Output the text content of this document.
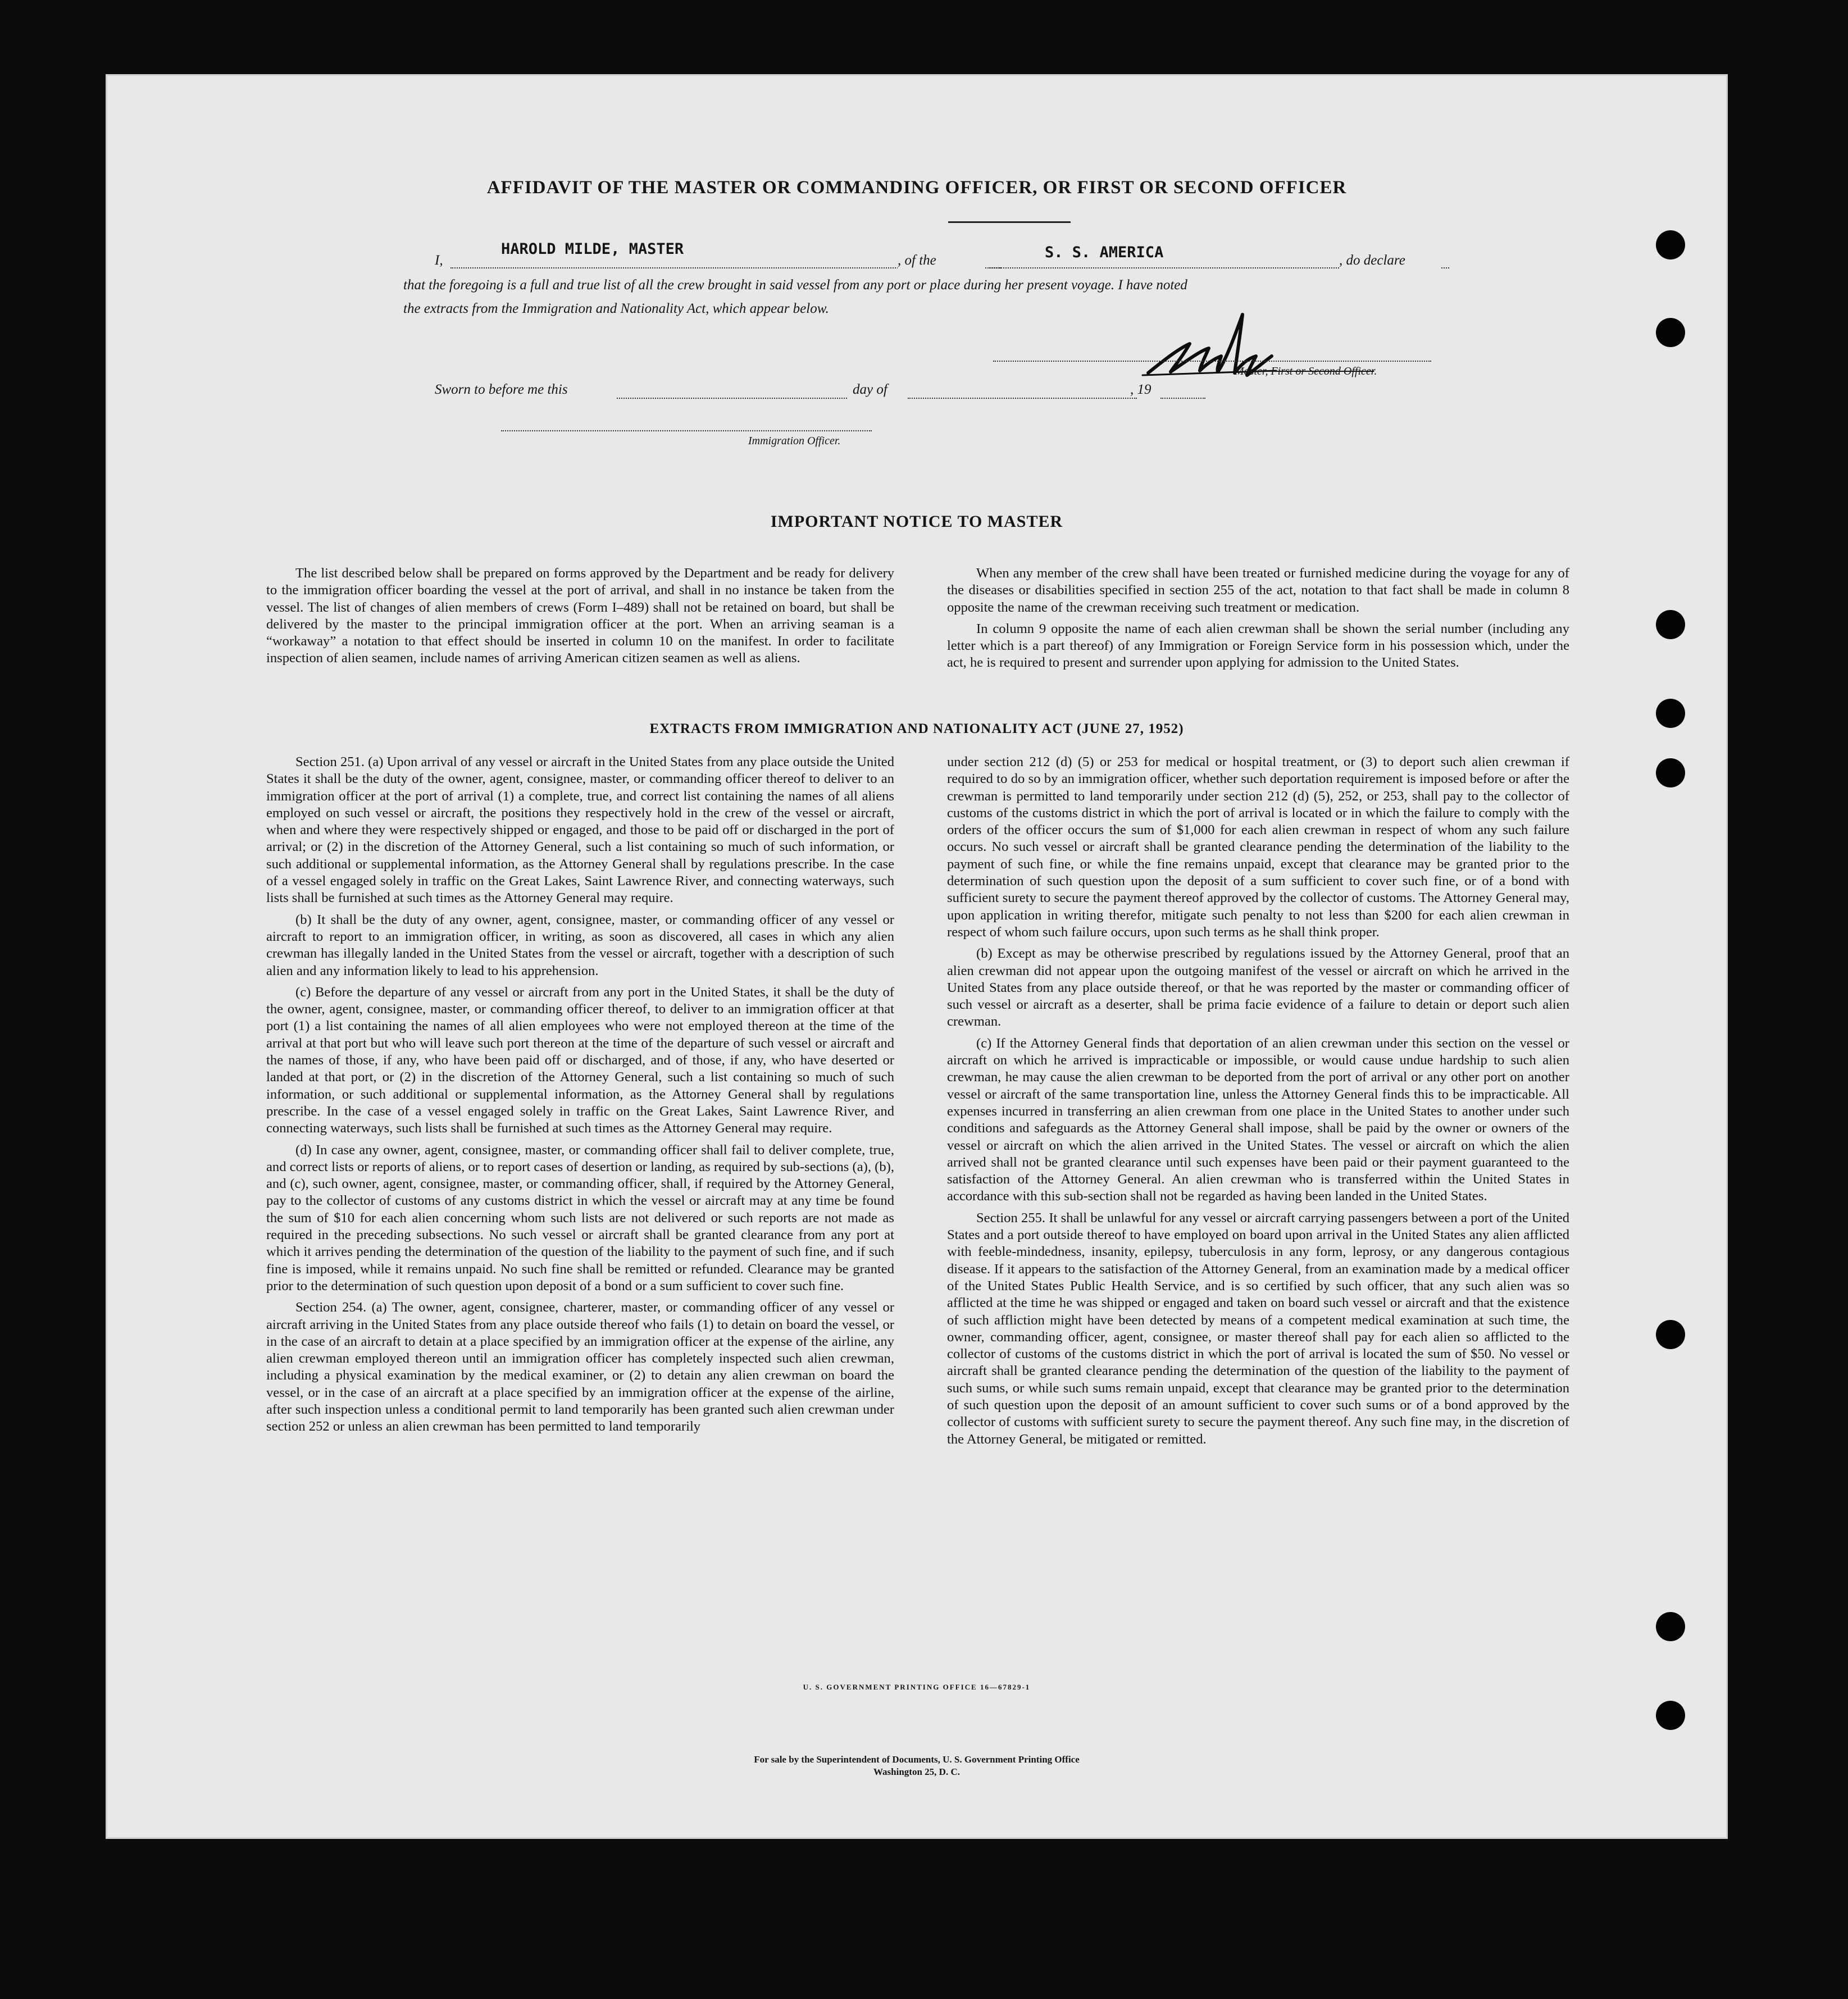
AFFIDAVIT OF THE MASTER OR COMMANDING OFFICER, OR FIRST OR SECOND OFFICER
I,
HAROLD MILDE, MASTER
, of the	S. S. AMERICA	, do declare
that the foregoing is a full and true list of all the crew brought in said vessel from any port or place during her present voyage. I have noted
the extracts from the Immigration and Nationality Act, which appear below.
Master, First or Second Officer.
Sworn to before me this	day of	, 19
Immigration Officer.
IMPORTANT NOTICE TO MASTER

The list described below shall be prepared on forms approved by the Department and be ready for delivery to the immigration officer boarding the vessel at the port of arrival, and shall in no instance be taken from the vessel. The list of changes of alien members of crews (Form I–489) shall not be retained on board, but shall be delivered by the master to the principal immigration officer at the port. When an arriving seaman is a “workaway” a notation to that effect should be inserted in column 10 on the manifest. In order to facilitate inspection of alien seamen, include names of arriving American citizen seamen as well as aliens.

When any member of the crew shall have been treated or furnished medicine during the voyage for any of the diseases or disabilities specified in section 255 of the act, notation to that fact shall be made in column 8 opposite the name of the crewman receiving such treatment or medication.

In column 9 opposite the name of each alien crewman shall be shown the serial number (including any letter which is a part thereof) of any Immigration or Foreign Service form in his possession which, under the act, he is required to present and surrender upon applying for admission to the United States.

EXTRACTS FROM IMMIGRATION AND NATIONALITY ACT (JUNE 27, 1952)

Section 251. (a) Upon arrival of any vessel or aircraft in the United States from any place outside the United States it shall be the duty of the owner, agent, consignee, master, or commanding officer thereof to deliver to an immigration officer at the port of arrival (1) a complete, true, and correct list containing the names of all aliens employed on such vessel or aircraft, the positions they respectively hold in the crew of the vessel or aircraft, when and where they were respectively shipped or engaged, and those to be paid off or discharged in the port of arrival; or (2) in the discretion of the Attorney General, such a list containing so much of such information, or such additional or supplemental information, as the Attorney General shall by regulations prescribe. In the case of a vessel engaged solely in traffic on the Great Lakes, Saint Lawrence River, and connecting waterways, such lists shall be furnished at such times as the Attorney General may require.

(b) It shall be the duty of any owner, agent, consignee, master, or commanding officer of any vessel or aircraft to report to an immigration officer, in writing, as soon as discovered, all cases in which any alien crewman has illegally landed in the United States from the vessel or aircraft, together with a description of such alien and any information likely to lead to his apprehension.

(c) Before the departure of any vessel or aircraft from any port in the United States, it shall be the duty of the owner, agent, consignee, master, or commanding officer thereof, to deliver to an immigration officer at that port (1) a list containing the names of all alien employees who were not employed thereon at the time of the arrival at that port but who will leave such port thereon at the time of the departure of such vessel or aircraft and the names of those, if any, who have been paid off or discharged, and of those, if any, who have deserted or landed at that port, or (2) in the discretion of the Attorney General, such a list containing so much of such information, or such additional or supplemental information, as the Attorney General shall by regulations prescribe. In the case of a vessel engaged solely in traffic on the Great Lakes, Saint Lawrence River, and connecting waterways, such lists shall be furnished at such times as the Attorney General may require.

(d) In case any owner, agent, consignee, master, or commanding officer shall fail to deliver complete, true, and correct lists or reports of aliens, or to report cases of desertion or landing, as required by sub-sections (a), (b), and (c), such owner, agent, consignee, master, or commanding officer, shall, if required by the Attorney General, pay to the collector of customs of any customs district in which the vessel or aircraft may at any time be found the sum of $10 for each alien concerning whom such lists are not delivered or such reports are not made as required in the preceding subsections. No such vessel or aircraft shall be granted clearance from any port at which it arrives pending the determination of the question of the liability to the payment of such fine, and if such fine is imposed, while it remains unpaid. No such fine shall be remitted or refunded. Clearance may be granted prior to the determination of such question upon deposit of a bond or a sum sufficient to cover such fine.

Section 254. (a) The owner, agent, consignee, charterer, master, or commanding officer of any vessel or aircraft arriving in the United States from any place outside thereof who fails (1) to detain on board the vessel, or in the case of an aircraft to detain at a place specified by an immigration officer at the expense of the airline, any alien crewman employed thereon until an immigration officer has completely inspected such alien crewman, including a physical examination by the medical examiner, or (2) to detain any alien crewman on board the vessel, or in the case of an aircraft at a place specified by an immigration officer at the expense of the airline, after such inspection unless a conditional permit to land temporarily has been granted such alien crewman under section 252 or unless an alien crewman has been permitted to land temporarily

under section 212 (d) (5) or 253 for medical or hospital treatment, or (3) to deport such alien crewman if required to do so by an immigration officer, whether such deportation requirement is imposed before or after the crewman is permitted to land temporarily under section 212 (d) (5), 252, or 253, shall pay to the collector of customs of the customs district in which the port of arrival is located or in which the failure to comply with the orders of the officer occurs the sum of $1,000 for each alien crewman in respect of whom any such failure occurs. No such vessel or aircraft shall be granted clearance pending the determination of the liability to the payment of such fine, or while the fine remains unpaid, except that clearance may be granted prior to the determination of such question upon the deposit of a sum sufficient to cover such fine, or of a bond with sufficient surety to secure the payment thereof approved by the collector of customs. The Attorney General may, upon application in writing therefor, mitigate such penalty to not less than $200 for each alien crewman in respect of whom such failure occurs, upon such terms as he shall think proper.

(b) Except as may be otherwise prescribed by regulations issued by the Attorney General, proof that an alien crewman did not appear upon the outgoing manifest of the vessel or aircraft on which he arrived in the United States from any place outside thereof, or that he was reported by the master or commanding officer of such vessel or aircraft as a deserter, shall be prima facie evidence of a failure to detain or deport such alien crewman.

(c) If the Attorney General finds that deportation of an alien crewman under this section on the vessel or aircraft on which he arrived is impracticable or impossible, or would cause undue hardship to such alien crewman, he may cause the alien crewman to be deported from the port of arrival or any other port on another vessel or aircraft of the same transportation line, unless the Attorney General finds this to be impracticable. All expenses incurred in transferring an alien crewman from one place in the United States to another under such conditions and safeguards as the Attorney General shall impose, shall be paid by the owner or owners of the vessel or aircraft on which the alien arrived in the United States. The vessel or aircraft on which the alien arrived shall not be granted clearance until such expenses have been paid or their payment guaranteed to the satisfaction of the Attorney General. An alien crewman who is transferred within the United States in accordance with this sub-section shall not be regarded as having been landed in the United States.

Section 255. It shall be unlawful for any vessel or aircraft carrying passengers between a port of the United States and a port outside thereof to have employed on board upon arrival in the United States any alien afflicted with feeble-mindedness, insanity, epilepsy, tuberculosis in any form, leprosy, or any dangerous contagious disease. If it appears to the satisfaction of the Attorney General, from an examination made by a medical officer of the United States Public Health Service, and is so certified by such officer, that any such alien was so afflicted at the time he was shipped or engaged and taken on board such vessel or aircraft and that the existence of such affliction might have been detected by means of a competent medical examination at such time, the owner, commanding officer, agent, consignee, or master thereof shall pay for each alien so afflicted to the collector of customs of the customs district in which the port of arrival is located the sum of $50. No vessel or aircraft shall be granted clearance pending the determination of the question of the liability to the payment of such sums, or while such sums remain unpaid, except that clearance may be granted prior to the determination of such question upon the deposit of an amount sufficient to cover such sums or of a bond approved by the collector of customs with sufficient surety to secure the payment thereof. Any such fine may, in the discretion of the Attorney General, be mitigated or remitted.

U. S. GOVERNMENT PRINTING OFFICE 16—67829-1
For sale by the Superintendent of Documents, U. S. Government Printing Office
Washington 25, D. C.
